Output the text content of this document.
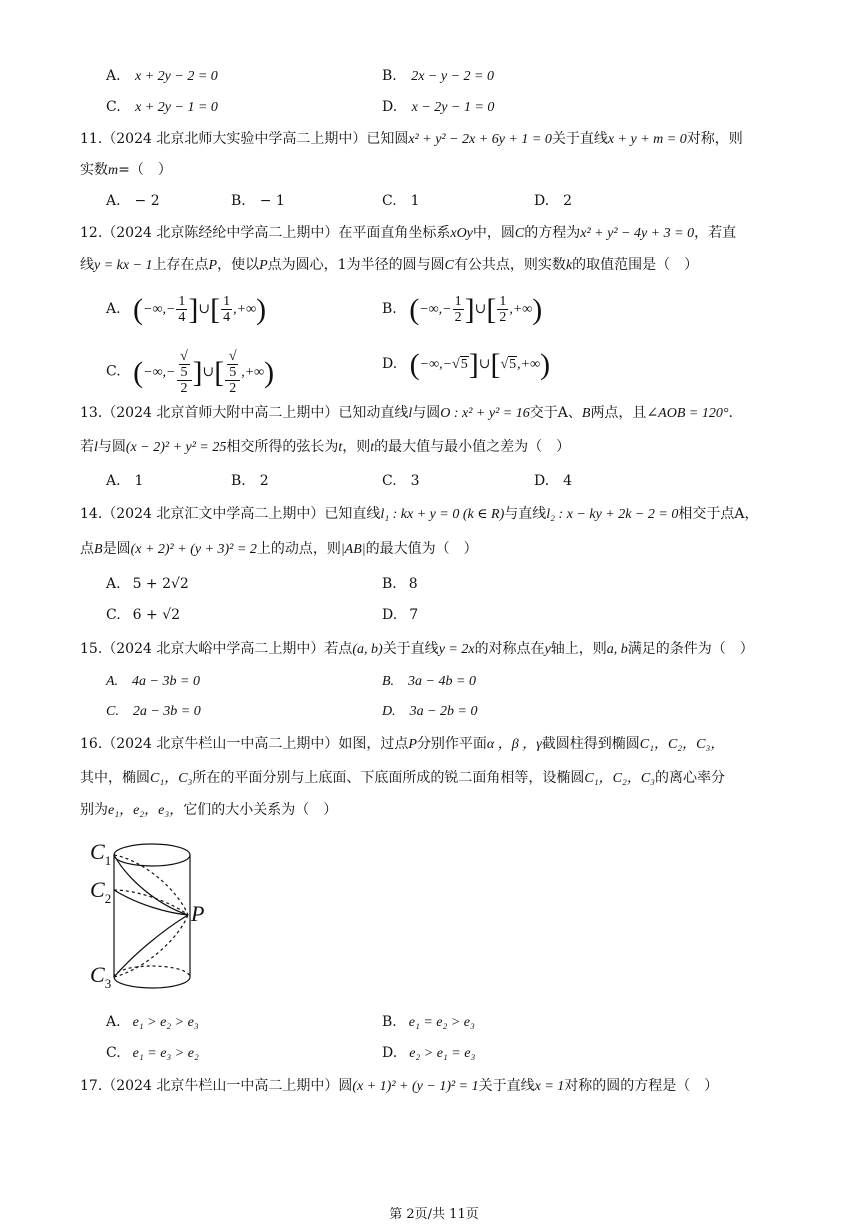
A. x + 2y − 2 = 0	B. 2x − y − 2 = 0
C. x + 2y − 1 = 0	D. x − 2y − 1 = 0
11.（2024 北京北师大实验中学高二上期中）已知圆x² + y² − 2x + 6y + 1 = 0关于直线x + y + m = 0对称，则
实数m=（　）
A.　− 2	B.　− 1	C.　1	D.　2
12.（2024 北京陈经纶中学高二上期中）在平面直角坐标系xOy中，圆C的方程为x² + y² − 4y + 3 = 0，若直
线y = kx − 1上存在点P，使以P点为圆心，1为半径的圆与圆C有公共点，则实数k的取值范围是（　）
A. (−∞,− $\frac{1}{4}$ ]∪[ $\frac{1}{4}$ ,+∞)	B. (−∞,− $\frac{1}{2}$ ]∪[ $\frac{1}{2}$ ,+∞)
C. (−∞,− √
5
2 ]∪[ √
5
2 ,+∞)	D. (−∞,−√5]∪[√5,+∞)
13.（2024 北京首师大附中高二上期中）已知动直线l与圆O : x² + y² = 16交于A、B两点，且∠AOB = 120°.
若l与圆(x − 2)² + y² = 25相交所得的弦长为t，则t的最大值与最小值之差为（　）
A.　1	B.　2	C.　3	D.　4
14.（2024 北京汇文中学高二上期中）已知直线l₁ : kx + y = 0 (k ∈ R)与直线l₂ : x − ky + 2k − 2 = 0相交于点A，
点B是圆(x + 2)² + (y + 3)² = 2上的动点，则|AB|的最大值为（　）
A. 5 + 2√2	B. 8
C. 6 + √2	D. 7
15.（2024 北京大峪中学高二上期中）若点(a, b)关于直线y = 2x的对称点在y轴上，则a, b满足的条件为（　）
A.　4a − 3b = 0	B.　3a − 4b = 0
C.　2a − 3b = 0	D.　3a − 2b = 0
16.（2024 北京牛栏山一中高二上期中）如图，过点P分别作平面α ，β ，γ截圆柱得到椭圆C₁，C₂，C₃，
其中，椭圆C₁，C₃所在的平面分别与上底面、下底面所成的锐二面角相等，设椭圆C₁，C₂，C₃的离心率分
别为e₁，e₂，e₃，它们的大小关系为（　）
$C_1$
$C_2$
$C_3$
P
A. e₁ > e₂ > e₃	B. e₁ = e₂ > e₃
C. e₁ = e₃ > e₂	D. e₂ > e₁ = e₃
17.（2024 北京牛栏山一中高二上期中）圆(x + 1)² + (y − 1)² = 1关于直线x = 1对称的圆的方程是（　）
第 2页/共 11页
